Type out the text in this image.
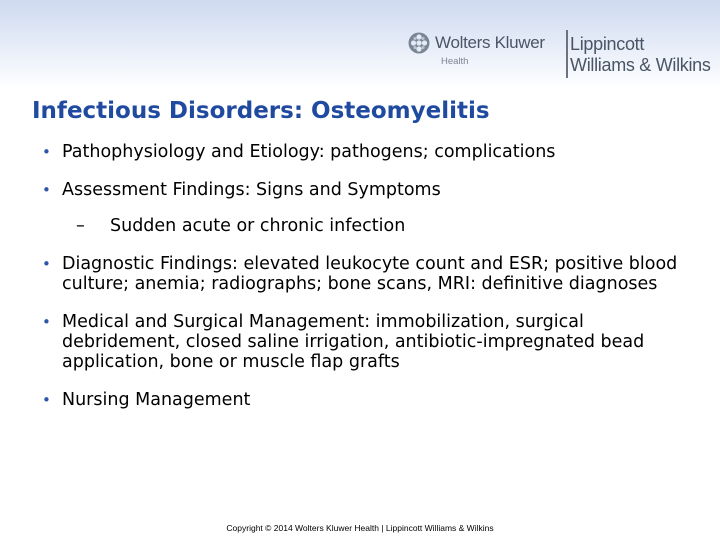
Wolters Kluwer
Health
Lippincott
Williams & Wilkins
Infectious Disorders: Osteomyelitis
• Pathophysiology and Etiology: pathogens; complications
• Assessment Findings: Signs and Symptoms
– Sudden acute or chronic infection
• Diagnostic Findings: elevated leukocyte count and ESR; positive blood culture; anemia; radiographs; bone scans, MRI: definitive diagnoses
• Medical and Surgical Management: immobilization, surgical debridement, closed saline irrigation, antibiotic-impregnated bead application, bone or muscle flap grafts
• Nursing Management
Copyright © 2014 Wolters Kluwer Health | Lippincott Williams & Wilkins
